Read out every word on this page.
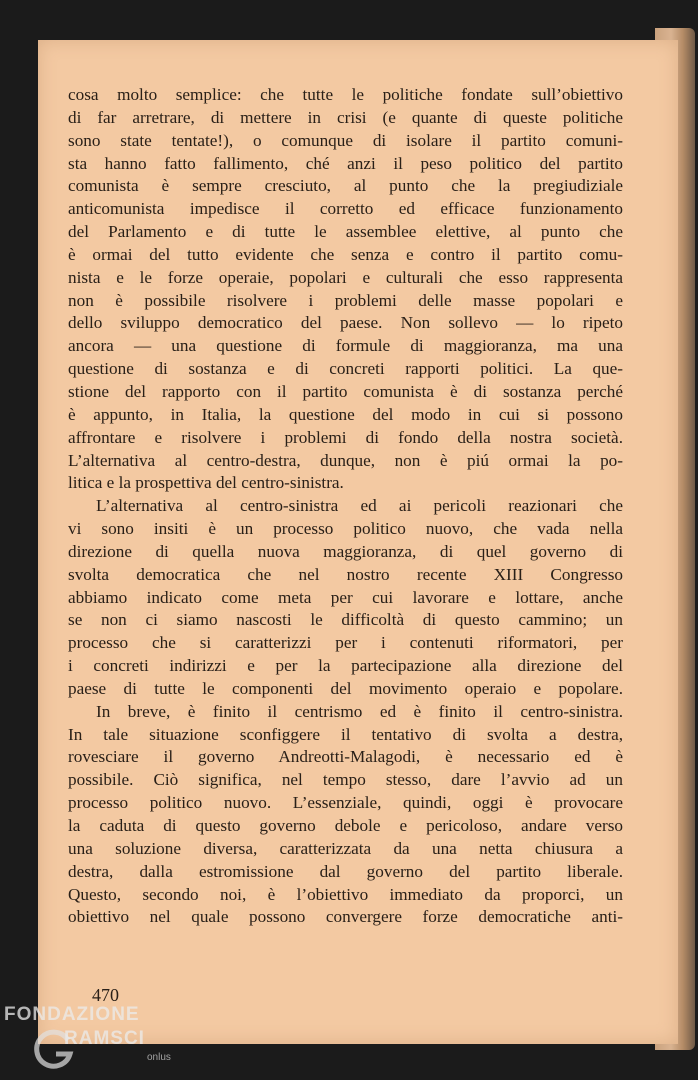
cosa molto semplice: che tutte le politiche fondate sull’obiettivo
di far arretrare, di mettere in crisi (e quante di queste politiche
sono state tentate!), o comunque di isolare il partito comuni-
sta hanno fatto fallimento, ché anzi il peso politico del partito
comunista è sempre cresciuto, al punto che la pregiudiziale
anticomunista impedisce il corretto ed efficace funzionamento
del Parlamento e di tutte le assemblee elettive, al punto che
è ormai del tutto evidente che senza e contro il partito comu-
nista e le forze operaie, popolari e culturali che esso rappresenta
non è possibile risolvere i problemi delle masse popolari e
dello sviluppo democratico del paese. Non sollevo — lo ripeto
ancora — una questione di formule di maggioranza, ma una
questione di sostanza e di concreti rapporti politici. La que-
stione del rapporto con il partito comunista è di sostanza perché
è appunto, in Italia, la questione del modo in cui si possono
affrontare e risolvere i problemi di fondo della nostra società.
L’alternativa al centro-destra, dunque, non è piú ormai la po-
litica e la prospettiva del centro-sinistra.
L’alternativa al centro-sinistra ed ai pericoli reazionari che
vi sono insiti è un processo politico nuovo, che vada nella
direzione di quella nuova maggioranza, di quel governo di
svolta democratica che nel nostro recente XIII Congresso
abbiamo indicato come meta per cui lavorare e lottare, anche
se non ci siamo nascosti le difficoltà di questo cammino; un
processo che si caratterizzi per i contenuti riformatori, per
i concreti indirizzi e per la partecipazione alla direzione del
paese di tutte le componenti del movimento operaio e popolare.
In breve, è finito il centrismo ed è finito il centro-sinistra.
In tale situazione sconfiggere il tentativo di svolta a destra,
rovesciare il governo Andreotti-Malagodi, è necessario ed è
possibile. Ciò significa, nel tempo stesso, dare l’avvio ad un
processo politico nuovo. L’essenziale, quindi, oggi è provocare
la caduta di questo governo debole e pericoloso, andare verso
una soluzione diversa, caratterizzata da una netta chiusura a
destra, dalla estromissione dal governo del partito liberale.
Questo, secondo noi, è l’obiettivo immediato da proporci, un
obiettivo nel quale possono convergere forze democratiche anti-
470
FONDAZIONE
RAMSCI
onlus
